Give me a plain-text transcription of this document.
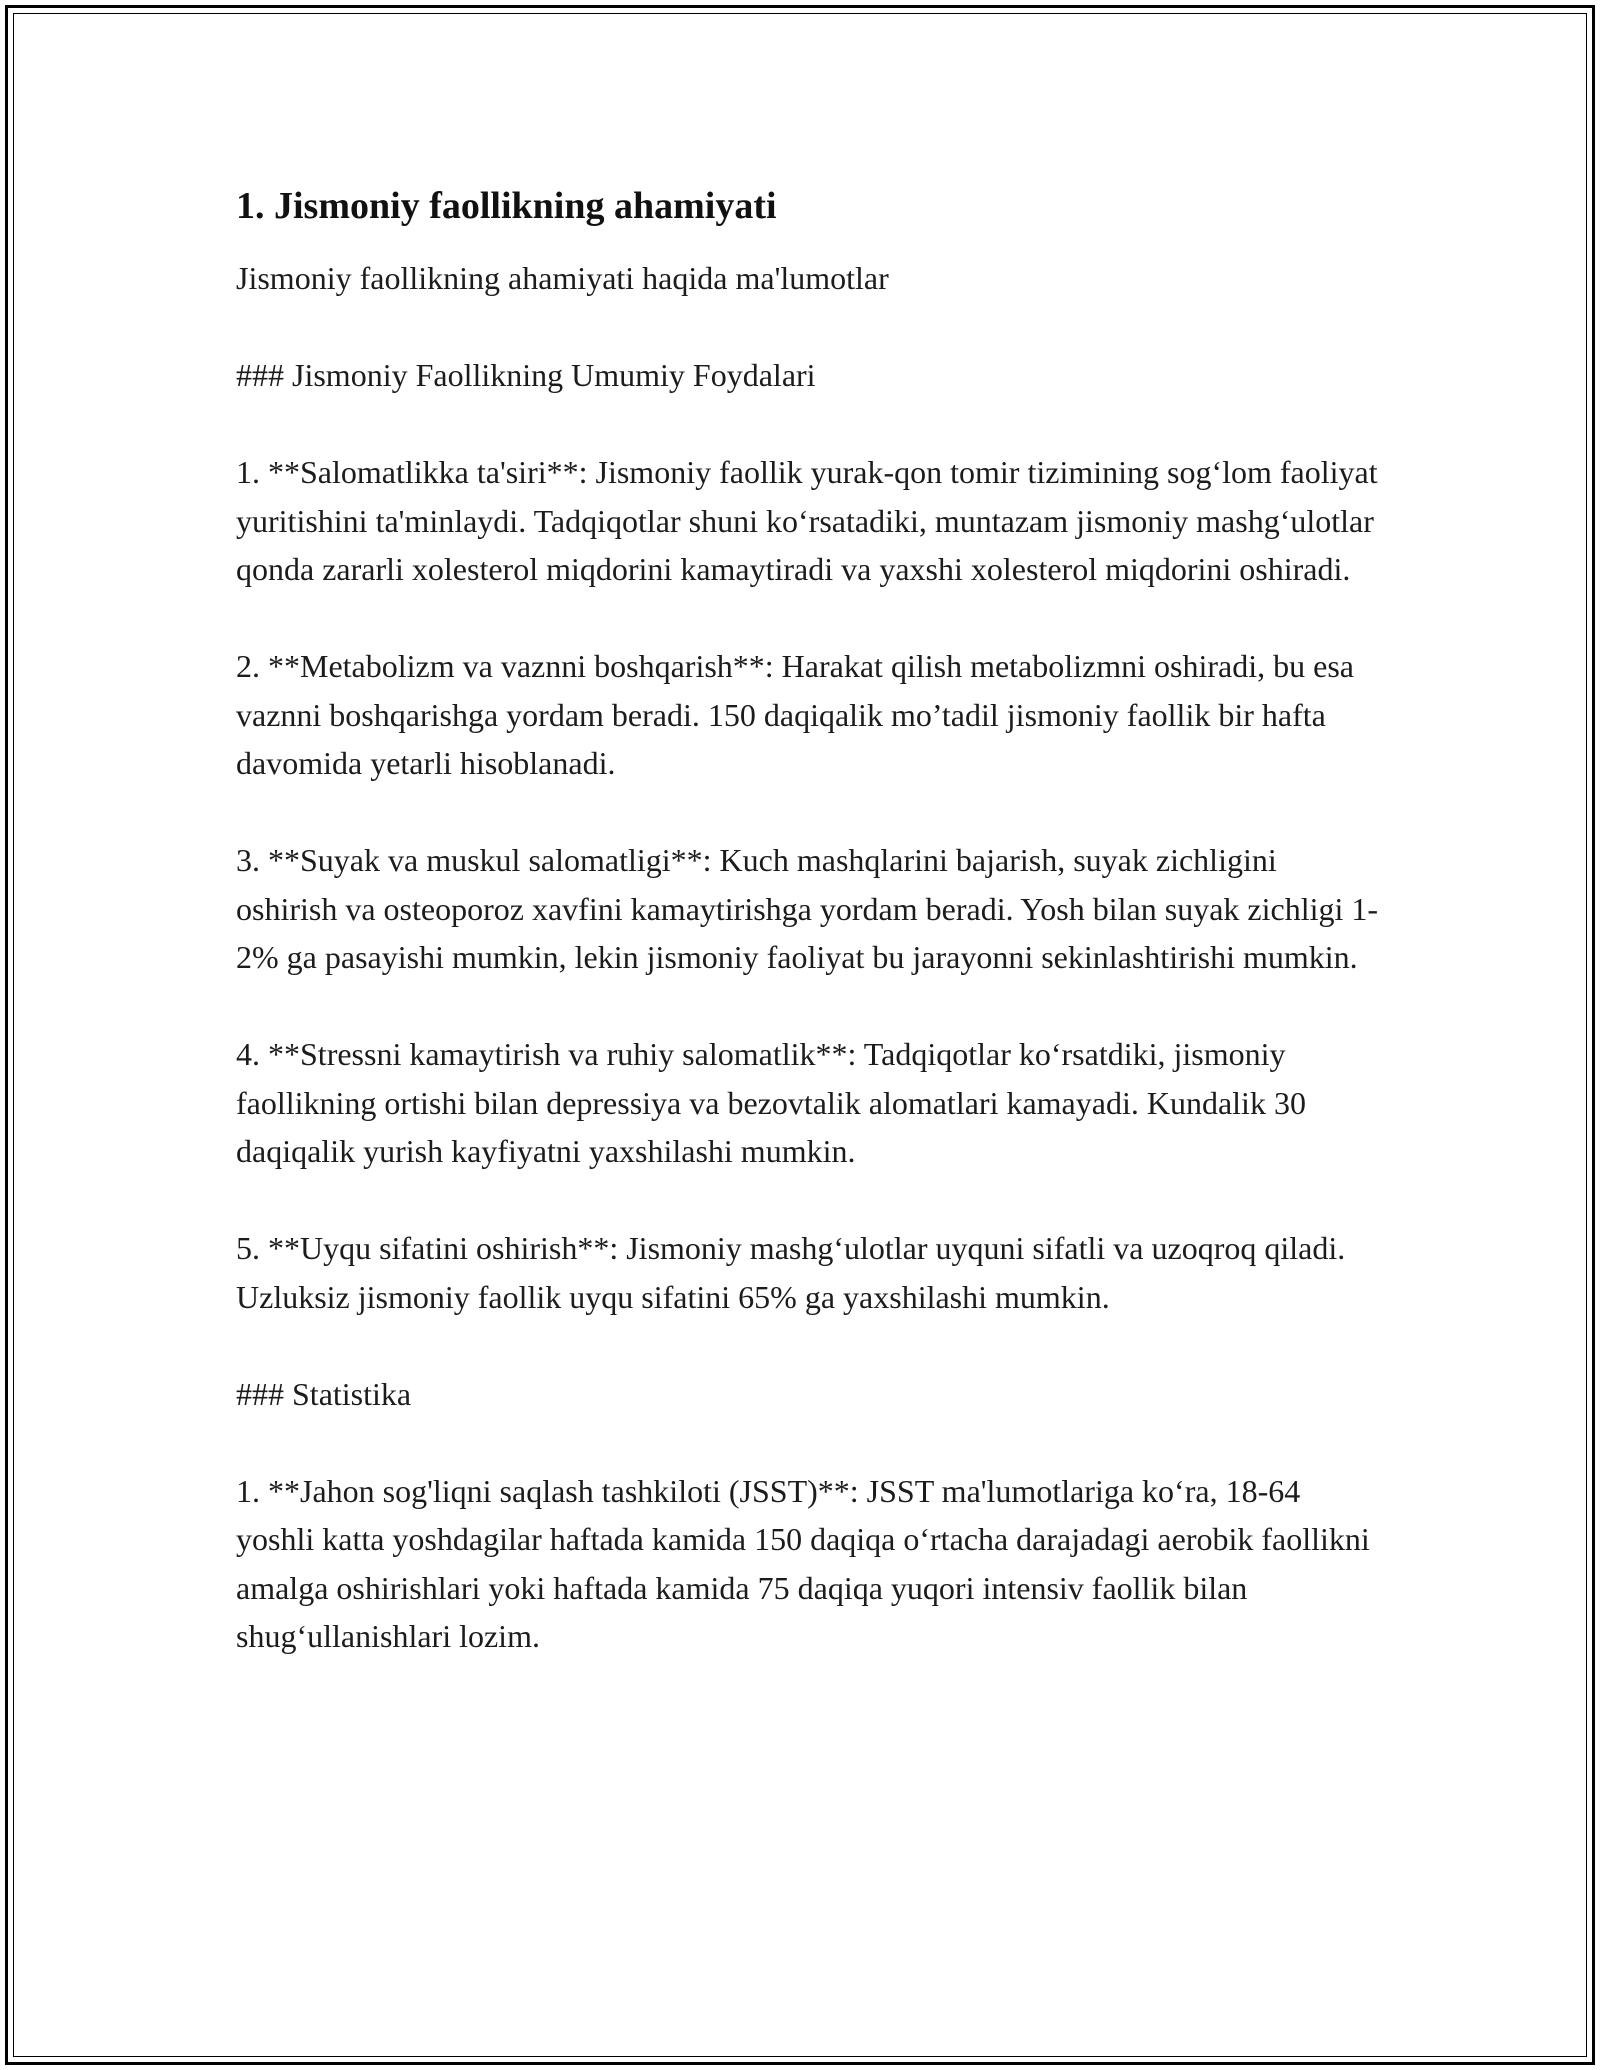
1. Jismoniy faollikning ahamiyati

Jismoniy faollikning ahamiyati haqida ma'lumotlar

### Jismoniy Faollikning Umumiy Foydalari

1. **Salomatlikka ta'siri**: Jismoniy faollik yurak-qon tomir tizimining sog‘lom faoliyat yuritishini ta'minlaydi. Tadqiqotlar shuni ko‘rsatadiki, muntazam jismoniy mashg‘ulotlar qonda zararli xolesterol miqdorini kamaytiradi va yaxshi xolesterol miqdorini oshiradi.

2. **Metabolizm va vaznni boshqarish**: Harakat qilish metabolizmni oshiradi, bu esa vaznni boshqarishga yordam beradi. 150 daqiqalik mo’tadil jismoniy faollik bir hafta davomida yetarli hisoblanadi.

3. **Suyak va muskul salomatligi**: Kuch mashqlarini bajarish, suyak zichligini oshirish va osteoporoz xavfini kamaytirishga yordam beradi. Yosh bilan suyak zichligi 1-2% ga pasayishi mumkin, lekin jismoniy faoliyat bu jarayonni sekinlashtirishi mumkin.

4. **Stressni kamaytirish va ruhiy salomatlik**: Tadqiqotlar ko‘rsatdiki, jismoniy faollikning ortishi bilan depressiya va bezovtalik alomatlari kamayadi. Kundalik 30 daqiqalik yurish kayfiyatni yaxshilashi mumkin.

5. **Uyqu sifatini oshirish**: Jismoniy mashg‘ulotlar uyquni sifatli va uzoqroq qiladi. Uzluksiz jismoniy faollik uyqu sifatini 65% ga yaxshilashi mumkin.

### Statistika

1. **Jahon sog'liqni saqlash tashkiloti (JSST)**: JSST ma'lumotlariga ko‘ra, 18-64 yoshli katta yoshdagilar haftada kamida 150 daqiqa o‘rtacha darajadagi aerobik faollikni amalga oshirishlari yoki haftada kamida 75 daqiqa yuqori intensiv faollik bilan shug‘ullanishlari lozim.
